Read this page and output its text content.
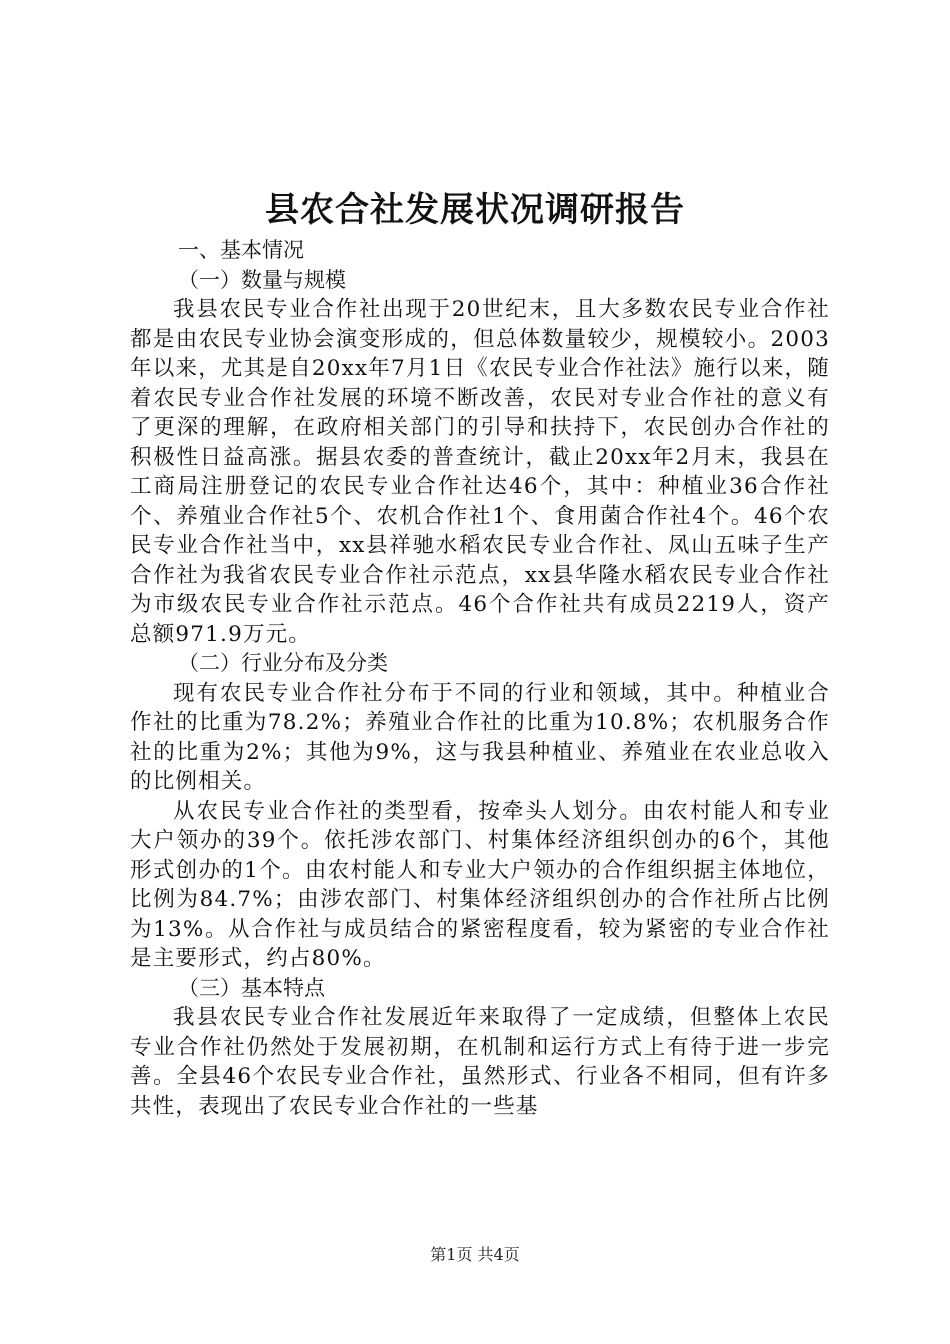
县农合社发展状况调研报告

一、基本情况

（一）数量与规模

我县农民专业合作社出现于20世纪末，且大多数农民专业合作社都是由农民专业协会演变形成的，但总体数量较少，规模较小。2003年以来，尤其是自20xx年7月1日《农民专业合作社法》施行以来，随着农民专业合作社发展的环境不断改善，农民对专业合作社的意义有了更深的理解，在政府相关部门的引导和扶持下，农民创办合作社的积极性日益高涨。据县农委的普查统计，截止20xx年2月末，我县在工商局注册登记的农民专业合作社达46个，其中：种植业36合作社个、养殖业合作社5个、农机合作社1个、食用菌合作社4个。46个农民专业合作社当中，xx县祥驰水稻农民专业合作社、凤山五味子生产合作社为我省农民专业合作社示范点，xx县华隆水稻农民专业合作社为市级农民专业合作社示范点。46个合作社共有成员2219人，资产总额971.9万元。

（二）行业分布及分类

现有农民专业合作社分布于不同的行业和领域，其中。种植业合作社的比重为78.2%；养殖业合作社的比重为10.8%；农机服务合作社的比重为2%；其他为9%，这与我县种植业、养殖业在农业总收入的比例相关。

从农民专业合作社的类型看，按牵头人划分。由农村能人和专业大户领办的39个。依托涉农部门、村集体经济组织创办的6个，其他形式创办的1个。由农村能人和专业大户领办的合作组织据主体地位，比例为84.7%；由涉农部门、村集体经济组织创办的合作社所占比例为13%。从合作社与成员结合的紧密程度看，较为紧密的专业合作社是主要形式，约占80%。

（三）基本特点

我县农民专业合作社发展近年来取得了一定成绩，但整体上农民专业合作社仍然处于发展初期，在机制和运行方式上有待于进一步完善。全县46个农民专业合作社，虽然形式、行业各不相同，但有许多共性，表现出了农民专业合作社的一些基

第1页 共4页
